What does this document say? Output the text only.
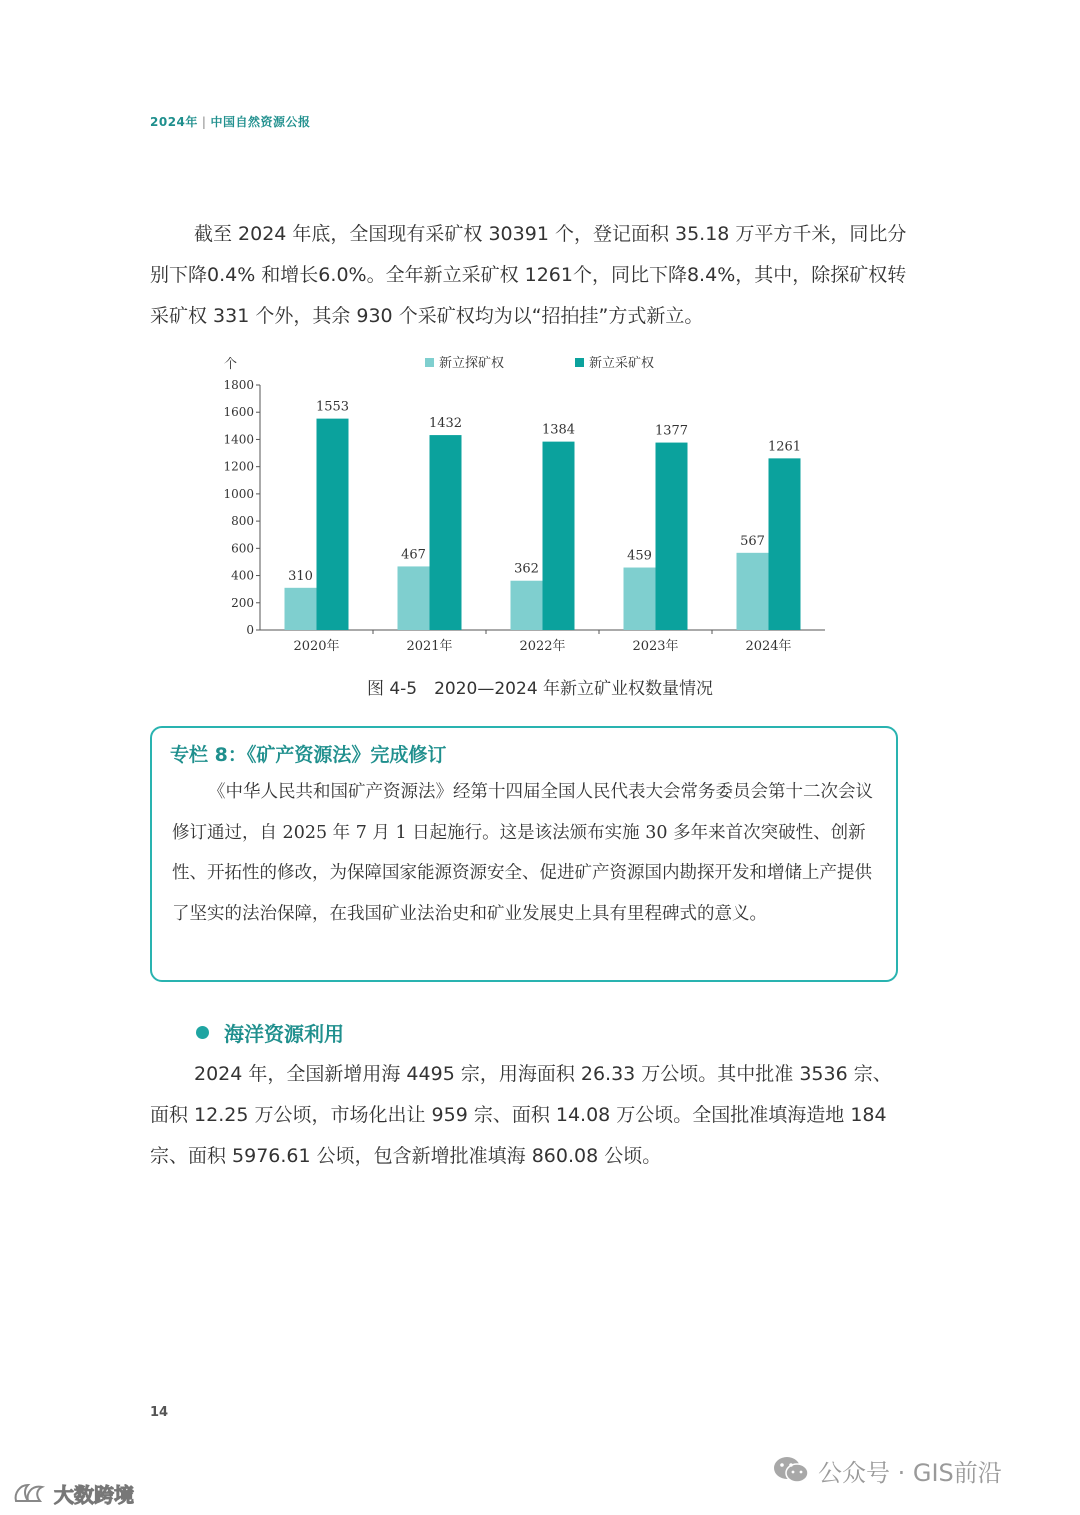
2024年 | 中国自然资源公报

截至 2024 年底，全国现有采矿权 30391 个，登记面积 35.18 万平方千米，同比分别下降0.4% 和增长6.0%。全年新立采矿权 1261个，同比下降8.4%，其中，除探矿权转采矿权 331 个外，其余 930 个采矿权均为以“招拍挂”方式新立。

0
200
400
600
800
1000
1200
1400
1600
1800
个
2020年
310
1553
2021年
467
1432
2022年
362
1384
2023年
459
1377
2024年
567
1261
新立探矿权	新立采矿权
图 4-5　2020—2024 年新立矿业权数量情况
专栏 8：《矿产资源法》完成修订

《中华人民共和国矿产资源法》经第十四届全国人民代表大会常务委员会第十二次会议修订通过，自 2025 年 7 月 1 日起施行。这是该法颁布实施 30 多年来首次突破性、创新性、开拓性的修改，为保障国家能源资源安全、促进矿产资源国内勘探开发和增储上产提供了坚实的法治保障，在我国矿业法治史和矿业发展史上具有里程碑式的意义。

海洋资源利用

2024 年，全国新增用海 4495 宗，用海面积 26.33 万公顷。其中批准 3536 宗、面积 12.25 万公顷，市场化出让 959 宗、面积 14.08 万公顷。全国批准填海造地 184 宗、面积 5976.61 公顷，包含新增批准填海 860.08 公顷。

14
公众号 · GIS前沿
大数跨境
